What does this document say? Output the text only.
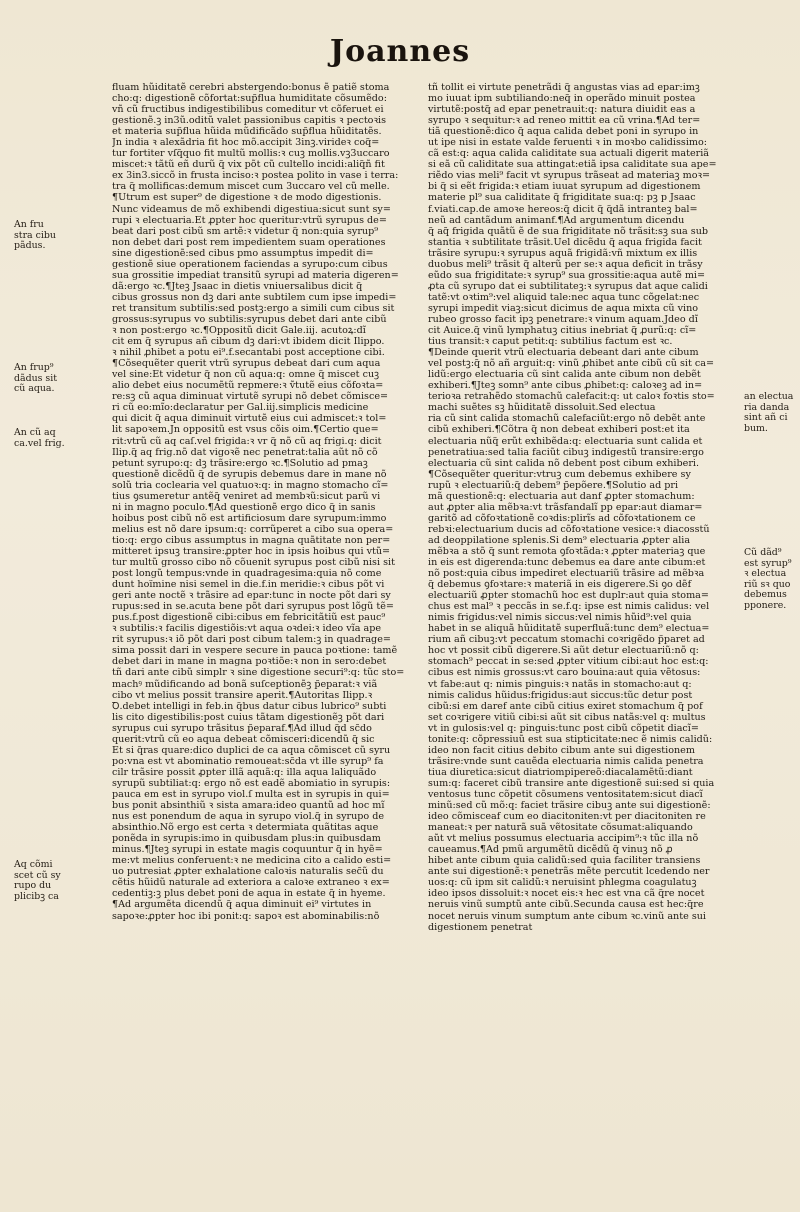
Joannes
fluam hũiditatẽ cerebri abstergendo:bonus ẽ patiẽ stoma
cho:q: digestionẽ cõfortat:sup̃flua humiditate cõsumẽdo:
vñ cũ fructibus indigestibilibus comeditur vt cõferuet ei
gestionẽ.ꝫ in3ũ.oditũ valet passionibus capitis ꝛ pectoꝛis
et materia sup̃flua hũida mũdificãdo sup̃flua hũiditatẽs.
Jn india ꝛ alexãdria fit hoc mõ.accipit 3inꝫ.virideꝛ coq̃=
tur fortiter vſq̃quo fit multũ mollis:ꝛ cuꝫ mollis.vꝫ3uccaro
miscet:ꝛ tãtũ eñ durũ q̃ vix põt cũ cultello incidi:aliq̃ñ fit
ex 3in3.siccõ in frusta inciso:ꝛ postea polito in vase i terra:
tra q̃ mollificas:demum miscet cum 3uccaro vel cũ melle.
¶Utrum est super⁹ de digestione ꝛ de modo digestionis.
Nunc videamus de mõ exhibendi digestiua:sicut sunt sy=
rupi ꝛ electuaria.Et ꝓpter hoc queritur:vtrũ syrupus de=
beat dari post cibũ sm artẽ:ꝛ videtur q̃ non:quia syrup⁹
non debet dari post rem impedientem suam operationes
sine digestionẽ:sed cibus pmo assumptus impedit di=
gestionẽ siue operationem faciendas a syrupo:cum cibus
sua grossitie impediat transitũ syrupi ad materia digeren=
dã:ergo ꝛc.¶Jteꝫ Jsaac in dietis vniuersalibus dicit q̃
cibus grossus non dꝫ dari ante subtilem cum ipse impedi=
ret transitum subtilis:sed postꝫ:ergo a simili cum cibus sit
grossus:syrupus vo subtilis:syrupus debet dari ante cibũ
ꝛ non post:ergo ꝛc.¶Oppositũ dicit Gale.iij. acutoꝝ:dĩ
cit em q̃ syrupus añ cibum dꝫ dari:vt ibidem dicit Ilippo.
ꝛ nihil ꝓhibet a potu ei⁹.f.secantabi post acceptione cibi.
¶Cõsequẽter querit vtrũ syrupus debeat dari cum aqua
vel sine:Et videtur q̃ non cũ aqua:q: omne q̃ miscet cuꝫ
alio debet eius nocumẽtũ repmere:ꝛ ṽtutẽ eius cõfoꝛta=
re:sꝫ cũ aqua diminuat virtutẽ syrupi nõ debet cõmisce=
ri cũ eo:mĩo:declaratur per Gal.iij.simplicis medicine
qui dicit q̃ aqua diminuit virtutẽ eius cui admiscet:ꝛ tol=
lit sapoꝛem.Jn oppositũ est vsus cõis oim.¶Certio que=
rit:vtrũ cũ aq caſ.vel frigida:ꝛ vr q̃ nõ cũ aq frigi.q: dicit
Ilip.q̃ aq frig.nõ dat vigoꝛẽ nec penetrat:talia aũt nõ cõ
petunt syrupo:q: dꝫ trãsire:ergo ꝛc.¶Solutio ad pmaꝫ
questionẽ dicẽdũ q̃ de syrupis debemus dare in mane nõ
solũ tria coclearia vel quatuoꝛ:q: in magno stomacho cĩ=
tius ꝯsumeretur antẽq̃ veniret ad membꝛũ:sicut parũ vi
ni in magno poculo.¶Ad questionẽ ergo dico q̃ in sanis
hoibus post cibũ nõ est artificiosum dare syrupum:immo
melius est nõ dare ipsum:q: corrũperet a cibo sua opera=
tio:q: ergo cibus assumptus in magna quãtitate non per=
mitteret ipsuꝫ transire:ꝓpter hoc in ipsis hoibus qui vtũ=
tur multũ grosso cibo nõ cõuenit syrupus post cibũ nisi sit
post longũ tempus:vnde in quadragesima:quia nõ come
dunt hoïmine nisi semel in die.f.in meridie:ꝛ cibus põt vi
geri ante noctẽ ꝛ trãsire ad epar:tunc in nocte põt dari sy
rupus:sed in se.acuta bene põt dari syrupus post lõgũ tẽ=
pus.f.post digestionẽ cibi:cibus em febricitãtiũ est pauc⁹
ꝛ subtilis:ꝛ facilis digestiõis:vt aqua oꝛdei:ꝛ ideo vĩa ape
rit syrupus:ꝛ iõ põt dari post cibum talem:ꝫ in quadrage=
sima possit dari in vespere secure in pauca poꝛtione: tamẽ
debet dari in mane in magna poꝛtiõe:ꝛ non in sero:debet
tñ dari ante cibũ simplr ꝛ sine digestione securi⁹:q: tũc sto=
machꝰ mũdificando ad bonã suſceptionẽꝫ p̃eparat:ꝛ viã
cibo vt melius possit transire aperit.¶Autoritas Ilipp.ꝛ
Ꝺ.debet intelligi in feb.in q̃bus datur cibus lubrico⁹ subti
lis cito digestibilis:post cuius tãtam digestionẽꝫ põt dari
syrupus cui syrupo trãsitus p̃eparaf.¶Ad illud q̃d sc̃do
querit:vtrũ cũ eo aqua debeat cõmisceri:dicendũ q̃ sic
Et si q̃ras quare:dico duplici de ca aqua cõmiscet cũ syru
po:vna est vt abominatio remoueat:sc̃da vt ille syrup⁹ fa
cilr trãsire possit ꝓpter illã aquã:q: illa aqua laliquãdo
syrupũ subtiliat:q: ergo nõ est eadẽ abomiatio in syrupis:
pauca em est in syrupo viol.ſ multa est in syrupis in qui=
bus ponit absinthiũ ꝛ sista amara:ideo quantũ ad hoc mĩ
nus est ponendum de aqua in syrupo viol.q̃ in syrupo de
absinthio.Nõ ergo est certa ꝛ determiata quãtitas aque
ponẽda in syrupis:imo in quibusdam plus:in quibusdam
minus.¶Jteꝫ syrupi in estate magis coquuntur q̃ in hyẽ=
me:vt melius conferuent:ꝛ ne medicina cito a calido esti=
uo putresiat ꝓpter exhalatione caloꝛis naturalis sec̃ũ du
cẽtis hũidũ naturale ad exteriora a caloꝛe extraneo ꝛ ex=
cedentiꝫ:ꝫ plus debet poni de aqua in estate q̃ in hyeme.
¶Ad argumẽta dicendũ q̃ aqua diminuit ei⁹ virtutes in
sapoꝛe:ꝓpter hoc ibi ponit:q: sapoꝛ est abominabilis:nõ
tñ tollit ei virtute penetrãdi q̃ angustas vias ad epar:imꝫ
mo iuuat ipm subtiliando:neq̃ in operãdo minuit postea
virtutẽ:postq̃ ad epar penetrauit:q: natura diuidit eas a
syrupo ꝛ sequitur:ꝛ ad reneo mittit ea cũ vrina.¶Ad ter=
tiã questionẽ:dico q̃ aqua calida debet poni in syrupo in
ut ipe nisi in estate valde feruenti ꝛ in moꝛbo calidissimo:
cã est:q: aqua calida caliditate sua actuali digerit materiã
si eã cũ caliditate sua attingat:etiã ipsa caliditate sua ape=
riẽdo vias meli⁹ facit vt syrupus trãseat ad materiaꝫ moꝛ=
bi q̃ si eẽt frigida:ꝛ etiam iuuat syrupum ad digestionem
materie pl⁹ sua caliditate q̃ frigiditate sua:q: pꝫ p Jsaac
f.viati.cap.de amoꝛe hereos:q̃ dicit q̃ q̃dã intranteꝫ bal=
neũ ad cantãdum animanf.¶Ad argumentum dicendu
q̃ aq̃ frigida quãtũ ẽ de sua frigiditate nõ trãsit:sꝫ sua sub
stantia ꝛ subtilitate trãsit.Uel dicẽdu q̃ aqua frigida facit
trãsire syrupu:ꝛ syrupus aquã frigidã:vñ mixtum ex illis
duobus meli⁹ trãsit q̃ alterũ per se:ꝛ aqua deficit in trãsy
eũdo sua frigiditate:ꝛ syrup⁹ sua grossitie:aqua autẽ mi=
ꝓta cũ syrupo dat ei subtilitateꝫ:ꝛ syrupus dat aque calidi
tatẽ:vt oꝛtim⁹:vel aliquid tale:nec aqua tunc cõgelat:nec
syrupi impedit viaꝫ:sicut dicimus de aqua mixta cũ vino
rubeo grosso facit ipꝫ penetrare:ꝛ vinum aquam.Jdeo dĩ
cit Auice.q̃ vinũ lymphatuꝫ citius inebriat q̃ ꝓurũ:q: cĩ=
tius transit:ꝛ caput petit:q: subtilius factum est ꝛc.
¶Deinde querit vtrũ electuaria debeant dari ante cibum
vel postꝫ:q̃ nõ añ arguit:q: vinũ ꝓhibet ante cibũ cũ sit ca=
lidũ:ergo electuaria cũ sint calida ante cibum non debẽt
exhiberi.¶Jteꝫ somn⁹ ante cibus ꝓhibet:q: caloꝛeꝫ ad in=
terioꝛa retrahẽdo stomachũ calefacit:q: ut caloꝛ foꝛtis sto=
machi suẽtes sꝫ hũiditatẽ dissoluit.Sed electua
ria cũ sint calida stomachũ calefaciũt:ergo nõ debẽt ante
cibũ exhiberi.¶Cõtra q̃ non debeat exhiberi post:et ita
electuaria nũq̃ erũt exhibẽda:q: electuaria sunt calida et
penetratiua:sed talia faciũt cibuꝫ indigestũ transire:ergo
electuaria cũ sint calida nõ debent post cibum exhiberi.
¶Cõsequẽter queritur:vtruꝫ cum debemus exhibere sy
rupũ ꝛ electuariũ:q̃ debem⁹ p̃epõere.¶Solutio ad pri
mã questionẽ:q: electuaria aut danf ꝓpter stomachum:
aut ꝓpter alia mẽbꝛa:vt trãsfandalĩ pp epar:aut diamar=
garitõ ad cõfoꝛtationẽ coꝛdis:plirĩs ad cõfoꝛtationem ce
rebꝛi:electuarium ducis ad cõfoꝛtatione vesice:ꝛ diacosstũ
ad deoppilatione splenis.Si dem⁹ electuaria ꝓpter alia
mẽbꝛa a stõ q̃ sunt remota ꝯfoꝛtãda:ꝛ ꝓpter materiaꝫ que
in eis est digerenda:tunc debemus ea dare ante cibum:et
nõ post:quia cibus impediret electuariũ trãsire ad mẽbꝛa
q̃ debemus ꝯfoꝛtare:ꝛ materiã in eis digerere.Si ꝯo dẽf
electuariũ ꝓpter stomachũ hoc est duplr:aut quia stoma=
chus est mal⁹ ꝛ peccãs in se.f.q: ipse est nimis calidus: vel
nimis frigidus:vel nimis siccus:vel nimis hũid⁹:vel quia
habet in se aliquã hũiditatẽ superfluã:tunc dem⁹ electua=
rium añ cibuꝫ:vt peccatum stomachi coꝛrigẽdo p̃paret ad
hoc vt possit cibũ digerere.Si aũt detur electuariũ:nõ q:
stomach⁹ peccat in se:sed ꝓpter vitium cibi:aut hoc est:q:
cibus est nimis grossus:vt caro bouina:aut quia vẽtosus:
vt fabe:aut q: nimis pinguis:ꝛ natãs in stomacho:aut q:
nimis calidus hũidus:frigidus:aut siccus:tũc detur post
cibũ:si em daref ante cibũ citius exiret stomachum q̃ pof
set coꝛrigere vitiũ cibi:si aũt sit cibus natãs:vel q: multus
vt in gulosis:vel q: pinguis:tunc post cibũ cõpetit diacĩ=
tonite:q: cõpressiuũ est sua stipticitate:nec ẽ nimis calidũ:
ideo non facit citius debito cibum ante sui digestionem
trãsire:vnde sunt cauẽda electuaria nimis calida penetra
tiua diuretica:sicut diatriompipereõ:diacalamẽtũ:diant
sum:q: faceret cibũ transire ante digestionẽ sui:sed si quia
ventosus tunc cõpetit cõsumens ventositatem:sicut diacĩ
minũ:sed cũ mõ:q: faciet trãsire cibuꝫ ante sui digestionẽ:
ideo cõmisceaf cum eo diacitoniten:vt per diacitoniten re
maneat:ꝛ per naturã suã vẽtositate cõsumat:aliquando
aũt vt melius possumus electuaria accipim⁹:ꝛ tũc illa nõ
caueamus.¶Ad pmũ argumẽtũ dicẽdũ q̃ vinuꝫ nõ ꝓ
hibet ante cibum quia calidũ:sed quia faciliter transiens
ante sui digestionẽ:ꝛ penetrãs mẽte percutit lcedendo ner
uos:q: cũ ipm sit calidũ:ꝛ neruisint phlegma coagulatuꝫ
ideo ipsos dissoluit:ꝛ nocet eis:ꝛ hec est vna cã q̃re nocet
neruis vinũ sumptũ ante cibũ.Secunda causa est hec:q̃re
nocet neruis vinum sumptum ante cibum ꝛc.vinũ ante sui
digestionem penetrat
An fru
stra cibu
pãdus.
An frup⁹
dãdus sit
cũ aqua.
An cũ aq
ca.vel frig.
Aq cõmi
scet cũ sy
rupo du
plicibꝫ ca
an electua
ria danda
sint añ ci
bum.
Cũ dãd⁹
est syrup⁹
ꝛ electua
riũ sꝛ quo
debemus
pponere.
